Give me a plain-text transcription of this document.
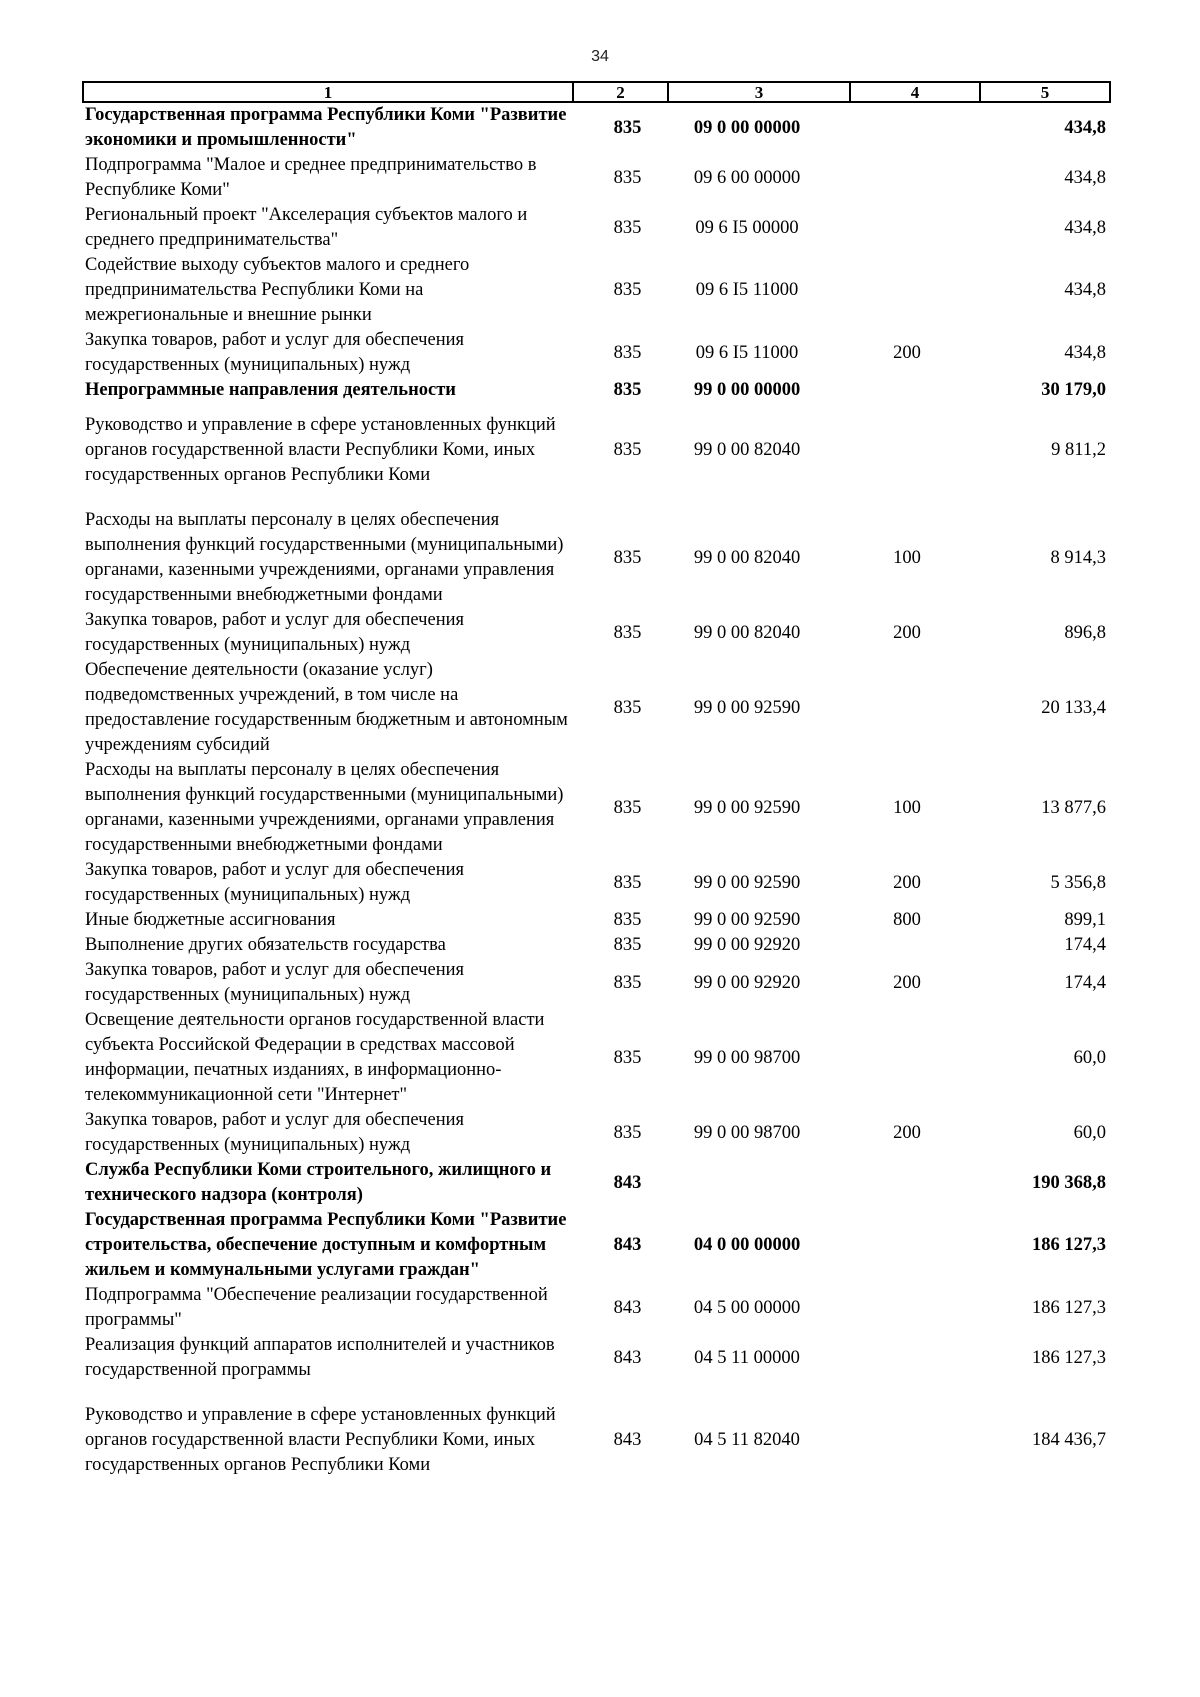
34
1	2	3	4	5
Государственная программа Республики Коми "Развитие экономики и промышленности"	835	09 0 00 00000		434,8
Подпрограмма "Малое и среднее предпринимательство в Республике Коми"	835	09 6 00 00000		434,8
Региональный проект "Акселерация субъектов малого и среднего предпринимательства"	835	09 6 I5 00000		434,8
Содействие выходу субъектов малого и среднего предпринимательства Республики Коми на межрегиональные и внешние рынки	835	09 6 I5 11000		434,8
Закупка товаров, работ и услуг для обеспечения государственных (муниципальных) нужд	835	09 6 I5 11000	200	434,8
Непрограммные направления деятельности	835	99 0 00 00000		30 179,0
Руководство и управление в сфере установленных функций органов государственной власти Республики Коми, иных государственных органов Республики Коми	835	99 0 00 82040		9 811,2
Расходы на выплаты персоналу в целях обеспечения выполнения функций государственными (муниципальными) органами, казенными учреждениями, органами управления государственными внебюджетными фондами	835	99 0 00 82040	100	8 914,3
Закупка товаров, работ и услуг для обеспечения государственных (муниципальных) нужд	835	99 0 00 82040	200	896,8
Обеспечение деятельности (оказание услуг) подведомственных учреждений, в том числе на предоставление государственным бюджетным и автономным учреждениям субсидий	835	99 0 00 92590		20 133,4
Расходы на выплаты персоналу в целях обеспечения выполнения функций государственными (муниципальными) органами, казенными учреждениями, органами управления государственными внебюджетными фондами	835	99 0 00 92590	100	13 877,6
Закупка товаров, работ и услуг для обеспечения государственных (муниципальных) нужд	835	99 0 00 92590	200	5 356,8
Иные бюджетные ассигнования	835	99 0 00 92590	800	899,1
Выполнение других обязательств государства	835	99 0 00 92920		174,4
Закупка товаров, работ и услуг для обеспечения государственных (муниципальных) нужд	835	99 0 00 92920	200	174,4
Освещение деятельности органов государственной власти субъекта Российской Федерации в средствах массовой информации, печатных изданиях, в информационно-телекоммуникационной сети "Интернет"	835	99 0 00 98700		60,0
Закупка товаров, работ и услуг для обеспечения государственных (муниципальных) нужд	835	99 0 00 98700	200	60,0
Служба Республики Коми строительного, жилищного и технического надзора (контроля)	843			190 368,8
Государственная программа Республики Коми "Развитие строительства, обеспечение доступным и комфортным жильем и коммунальными услугами граждан"	843	04 0 00 00000		186 127,3
Подпрограмма "Обеспечение реализации государственной программы"	843	04 5 00 00000		186 127,3
Реализация функций аппаратов исполнителей и участников государственной программы	843	04 5 11 00000		186 127,3
Руководство и управление в сфере установленных функций органов государственной власти Республики Коми, иных государственных органов Республики Коми	843	04 5 11 82040		184 436,7
